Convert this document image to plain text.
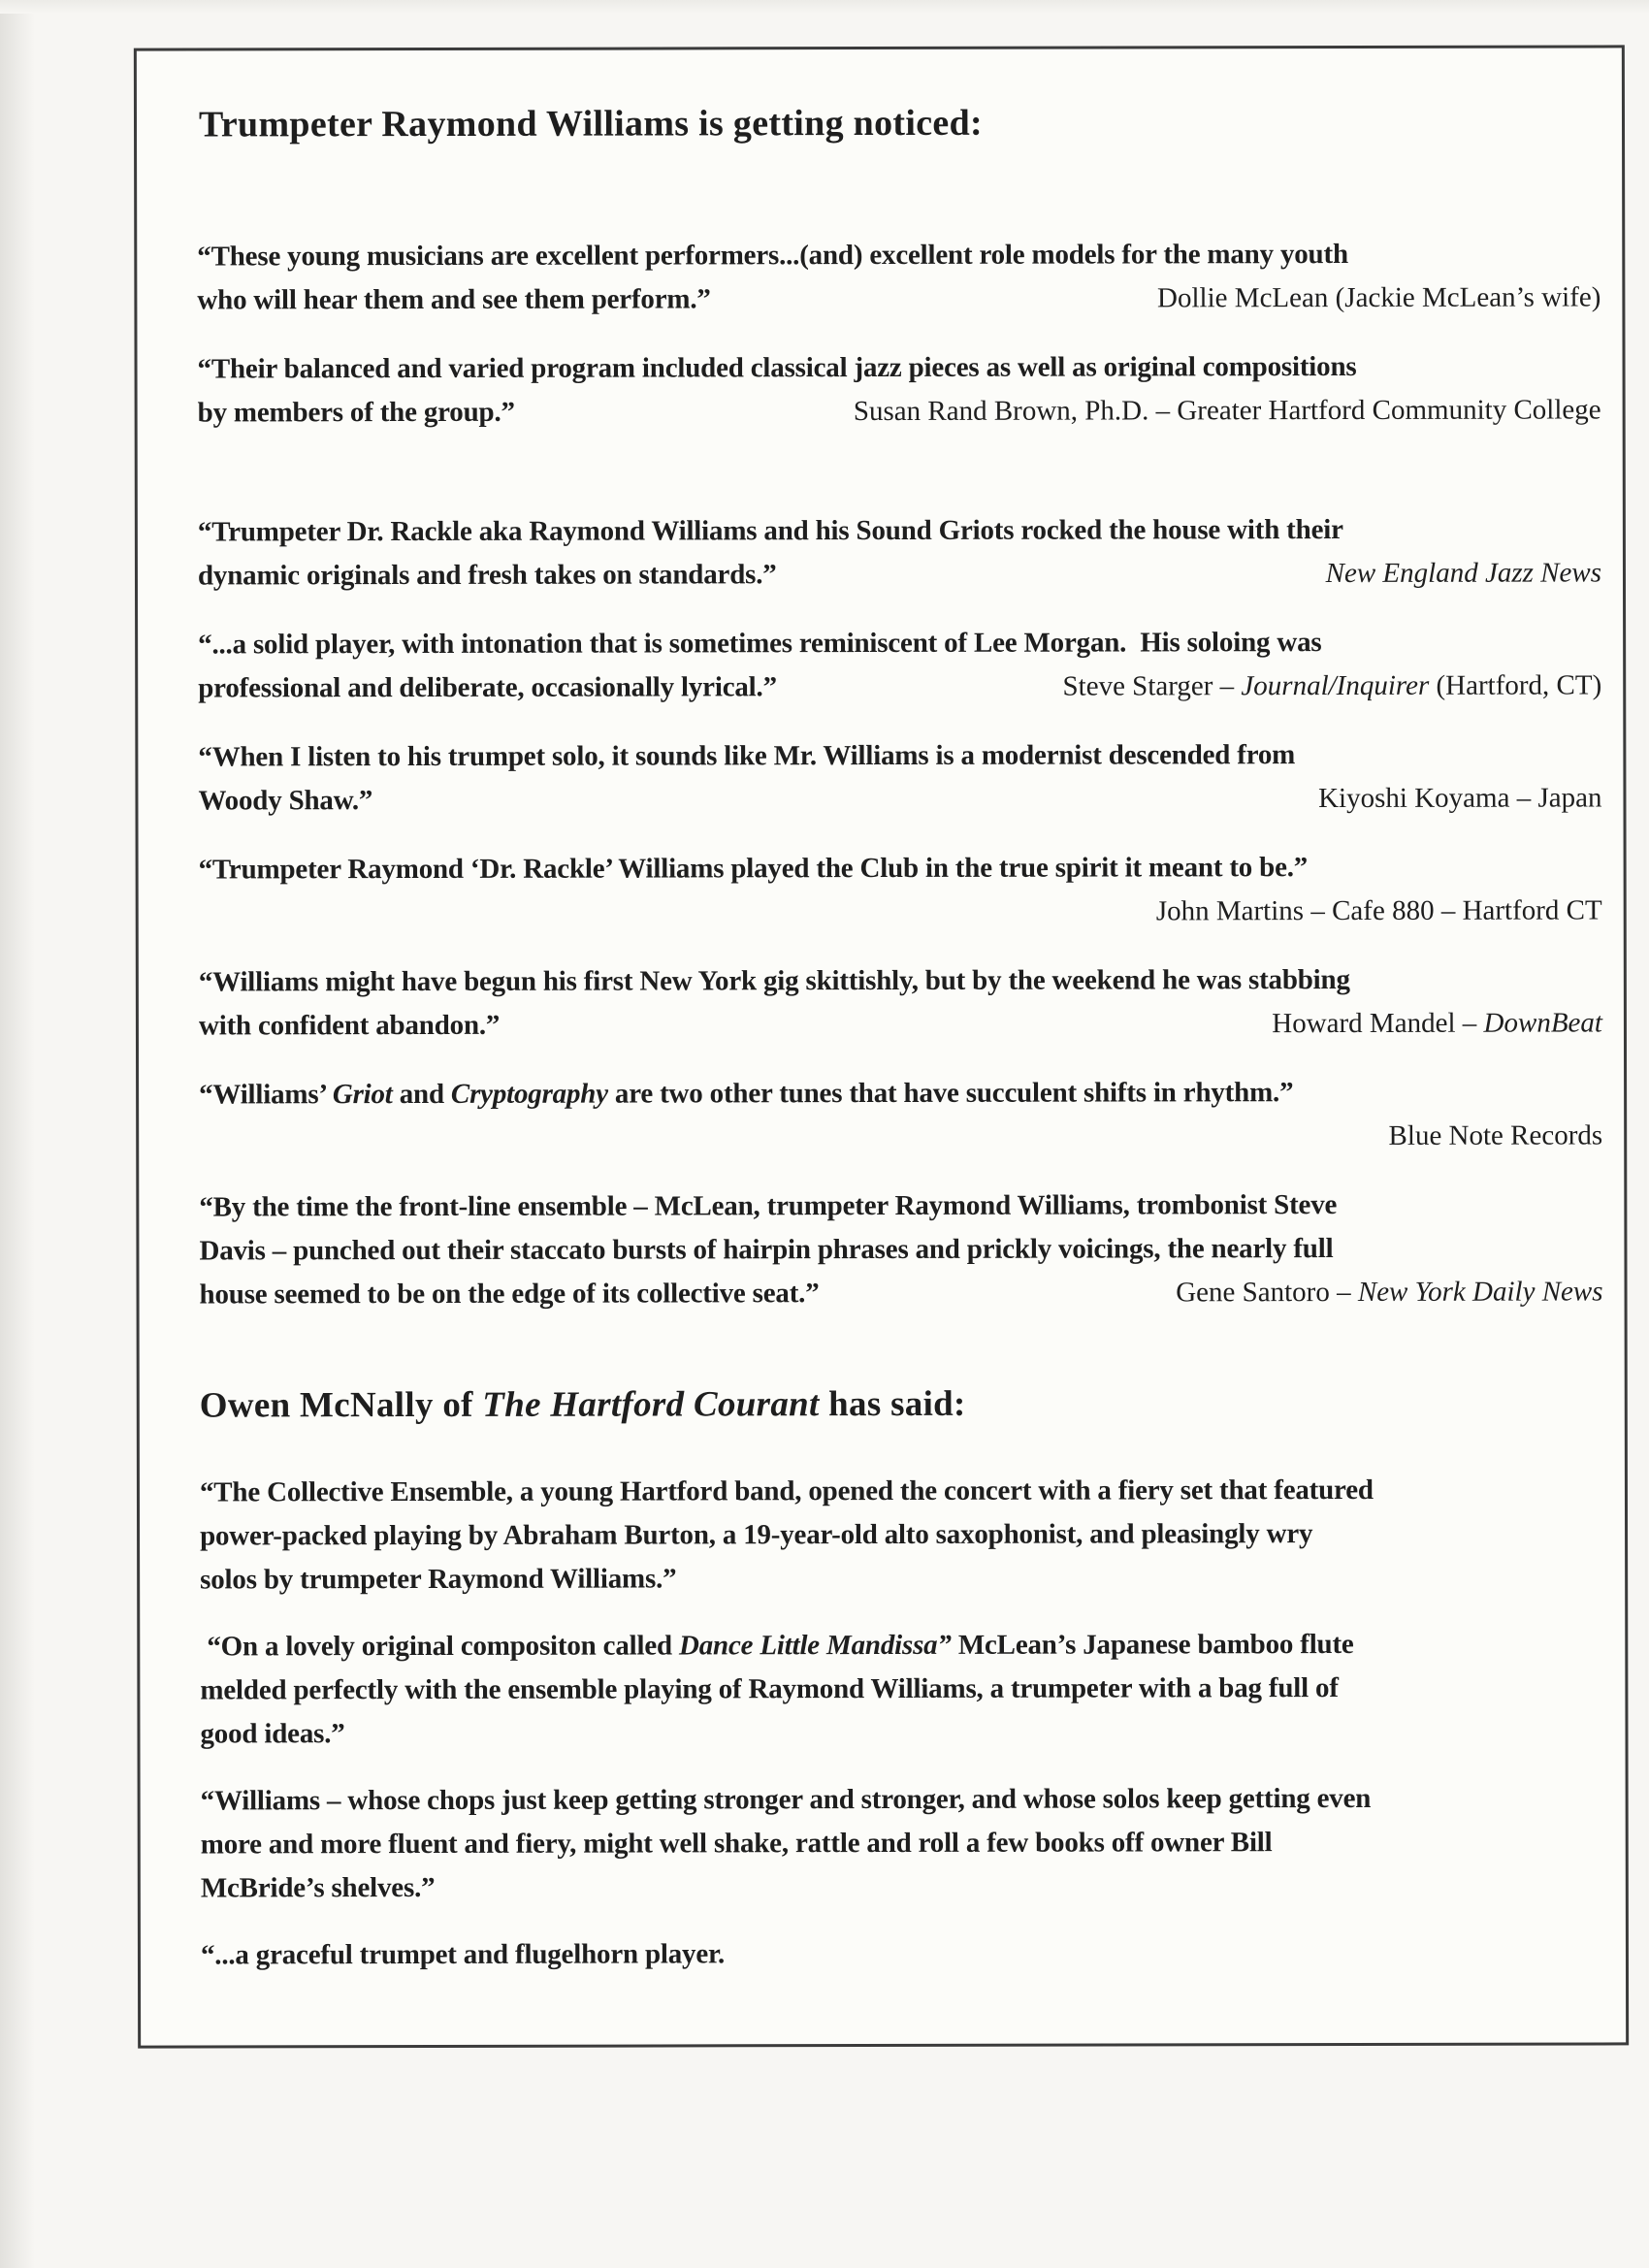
Trumpeter Raymond Williams is getting noticed:
“These young musicians are excellent performers...(and) excellent role models for the many youth
who will hear them and see them perform.”	Dollie McLean (Jackie McLean’s wife)
“Their balanced and varied program included classical jazz pieces as well as original compositions
by members of the group.”	Susan Rand Brown, Ph.D. – Greater Hartford Community College
“Trumpeter Dr. Rackle aka Raymond Williams and his Sound Griots rocked the house with their
dynamic originals and fresh takes on standards.”	New England Jazz News
“...a solid player, with intonation that is sometimes reminiscent of Lee Morgan.  His soloing was
professional and deliberate, occasionally lyrical.”	Steve Starger – Journal/Inquirer (Hartford, CT)
“When I listen to his trumpet solo, it sounds like Mr. Williams is a modernist descended from
Woody Shaw.”	Kiyoshi Koyama – Japan
“Trumpeter Raymond ‘Dr. Rackle’ Williams played the Club in the true spirit it meant to be.”
John Martins – Cafe 880 – Hartford CT
“Williams might have begun his first New York gig skittishly, but by the weekend he was stabbing
with confident abandon.”	Howard Mandel – DownBeat
“Williams’ Griot and Cryptography are two other tunes that have succulent shifts in rhythm.”
Blue Note Records
“By the time the front-line ensemble – McLean, trumpeter Raymond Williams, trombonist Steve
Davis – punched out their staccato bursts of hairpin phrases and prickly voicings, the nearly full
house seemed to be on the edge of its collective seat.”	Gene Santoro – New York Daily News
Owen McNally of The Hartford Courant has said:
“The Collective Ensemble, a young Hartford band, opened the concert with a fiery set that featured
power-packed playing by Abraham Burton, a 19-year-old alto saxophonist, and pleasingly wry
solos by trumpeter Raymond Williams.”
“On a lovely original compositon called Dance Little Mandissa” McLean’s Japanese bamboo flute
melded perfectly with the ensemble playing of Raymond Williams, a trumpeter with a bag full of
good ideas.”
“Williams – whose chops just keep getting stronger and stronger, and whose solos keep getting even
more and more fluent and fiery, might well shake, rattle and roll a few books off owner Bill
McBride’s shelves.”
“...a graceful trumpet and flugelhorn player.
